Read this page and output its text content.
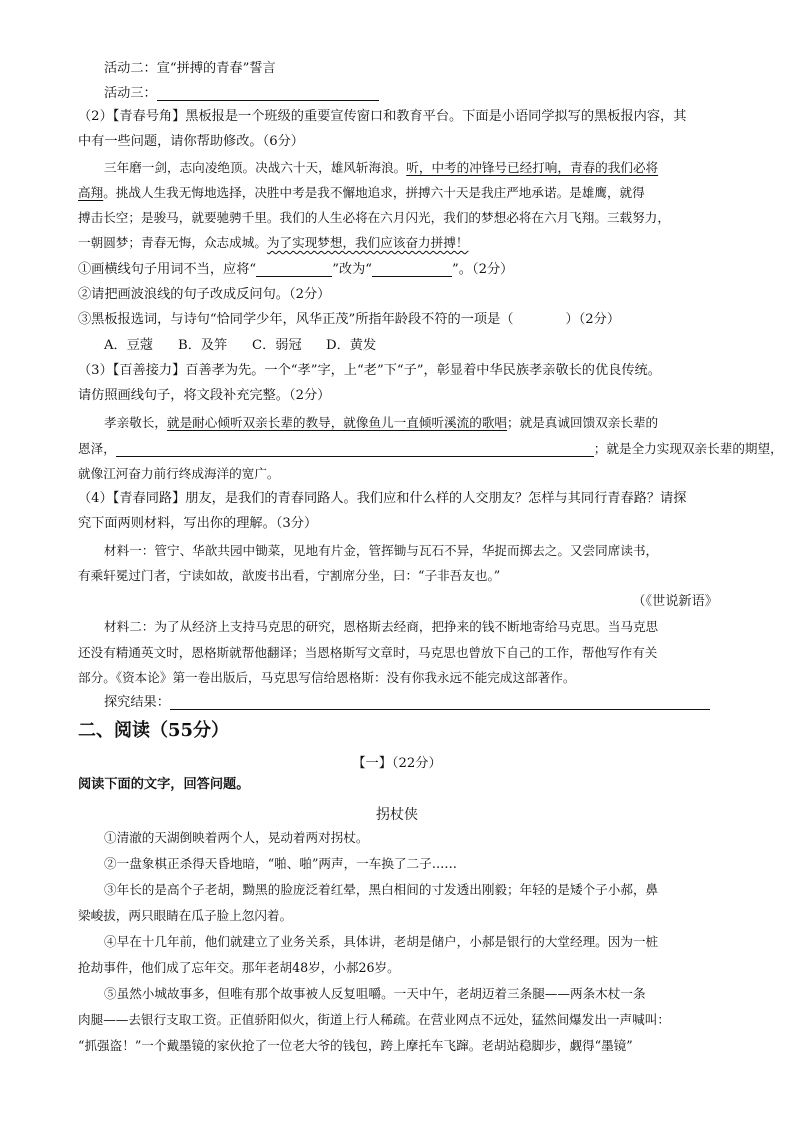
活动二：宣“拼搏的青春”誓言
活动三：
（2）【青春号角】黑板报是一个班级的重要宣传窗口和教育平台。下面是小语同学拟写的黑板报内容，其
中有一些问题，请你帮助修改。（6分）
三年磨一剑，志向凌绝顶。决战六十天，雄风斩海浪。听，中考的冲锋号已经打响，青春的我们必将
高翔。挑战人生我无悔地选择，决胜中考是我不懈地追求，拼搏六十天是我庄严地承诺。是雄鹰，就得
搏击长空；是骏马，就要驰骋千里。我们的人生必将在六月闪光，我们的梦想必将在六月飞翔。三载努力，
一朝圆梦；青春无悔，众志成城。为了实现梦想，我们应该奋力拼搏！
①画横线句子用词不当，应将“	”改为“	”。（2分）
②请把画波浪线的句子改成反问句。（2分）
③黑板报选词，与诗句“恰同学少年，风华正茂”所指年龄段不符的一项是（	）（2分）
A．豆蔻 B．及笄 C．弱冠 D．黄发
（3）【百善接力】百善孝为先。一个“孝”字，上“老”下“子”，彰显着中华民族孝亲敬长的优良传统。
请仿照画线句子，将文段补充完整。（2分）
孝亲敬长，就是耐心倾听双亲长辈的教导，就像鱼儿一直倾听溪流的歌唱；就是真诚回馈双亲长辈的
恩泽，	；就是全力实现双亲长辈的期望，
就像江河奋力前行终成海洋的宽广。
（4）【青春同路】朋友，是我们的青春同路人。我们应和什么样的人交朋友？怎样与其同行青春路？请探
究下面两则材料，写出你的理解。（3分）
材料一：管宁、华歆共园中锄菜，见地有片金，管挥锄与瓦石不异，华捉而掷去之。又尝同席读书，
有乘轩冕过门者，宁读如故，歆废书出看，宁割席分坐，曰：“子非吾友也。”
（《世说新语》
材料二：为了从经济上支持马克思的研究，恩格斯去经商，把挣来的钱不断地寄给马克思。当马克思
还没有精通英文时，恩格斯就帮他翻译；当恩格斯写文章时，马克思也曾放下自己的工作，帮他写作有关
部分。《资本论》第一卷出版后，马克思写信给恩格斯：没有你我永远不能完成这部著作。
探究结果：
二、阅读（55分）
【一】（22分）
阅读下面的文字，回答问题。
拐杖侠
①清澈的天湖倒映着两个人，晃动着两对拐杖。
②一盘象棋正杀得天昏地暗，“啪、啪”两声，一车换了二子……
③年长的是高个子老胡，黝黑的脸庞泛着红晕，黑白相间的寸发透出刚毅；年轻的是矮个子小郝，鼻
梁峻拔，两只眼睛在瓜子脸上忽闪着。
④早在十几年前，他们就建立了业务关系，具体讲，老胡是储户，小郝是银行的大堂经理。因为一桩
抢劫事件，他们成了忘年交。那年老胡48岁，小郝26岁。
⑤虽然小城故事多，但唯有那个故事被人反复咀嚼。一天中午，老胡迈着三条腿——两条木杖一条
肉腿——去银行支取工资。正值骄阳似火，街道上行人稀疏。在营业网点不远处，猛然间爆发出一声喊叫：
“抓强盗！”一个戴墨镜的家伙抢了一位老大爷的钱包，跨上摩托车飞蹿。老胡站稳脚步，觑得“墨镜”
